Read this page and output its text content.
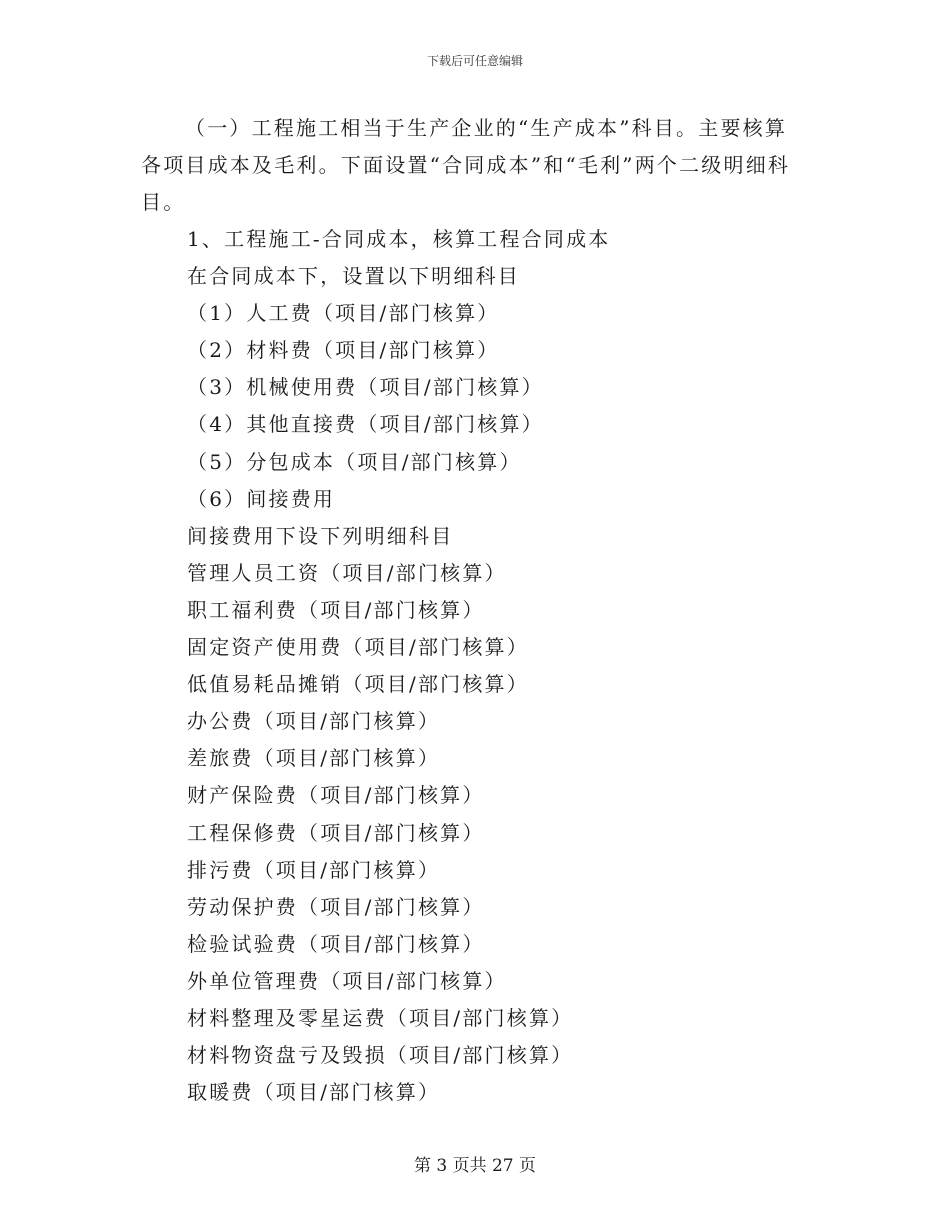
下载后可任意编辑

（一）工程施工相当于生产企业的“生产成本”科目。主要核算各项目成本及毛利。下面设置“合同成本”和“毛利”两个二级明细科目。

1、工程施工-合同成本，核算工程合同成本
在合同成本下，设置以下明细科目
（1）人工费（项目/部门核算）
（2）材料费（项目/部门核算）
（3）机械使用费（项目/部门核算）
（4）其他直接费（项目/部门核算）
（5）分包成本（项目/部门核算）
（6）间接费用
间接费用下设下列明细科目
管理人员工资（项目/部门核算）
职工福利费（项目/部门核算）
固定资产使用费（项目/部门核算）
低值易耗品摊销（项目/部门核算）
办公费（项目/部门核算）
差旅费（项目/部门核算）
财产保险费（项目/部门核算）
工程保修费（项目/部门核算）
排污费（项目/部门核算）
劳动保护费（项目/部门核算）
检验试验费（项目/部门核算）
外单位管理费（项目/部门核算）
材料整理及零星运费（项目/部门核算）
材料物资盘亏及毁损（项目/部门核算）
取暖费（项目/部门核算）
第 3 页共 27 页
